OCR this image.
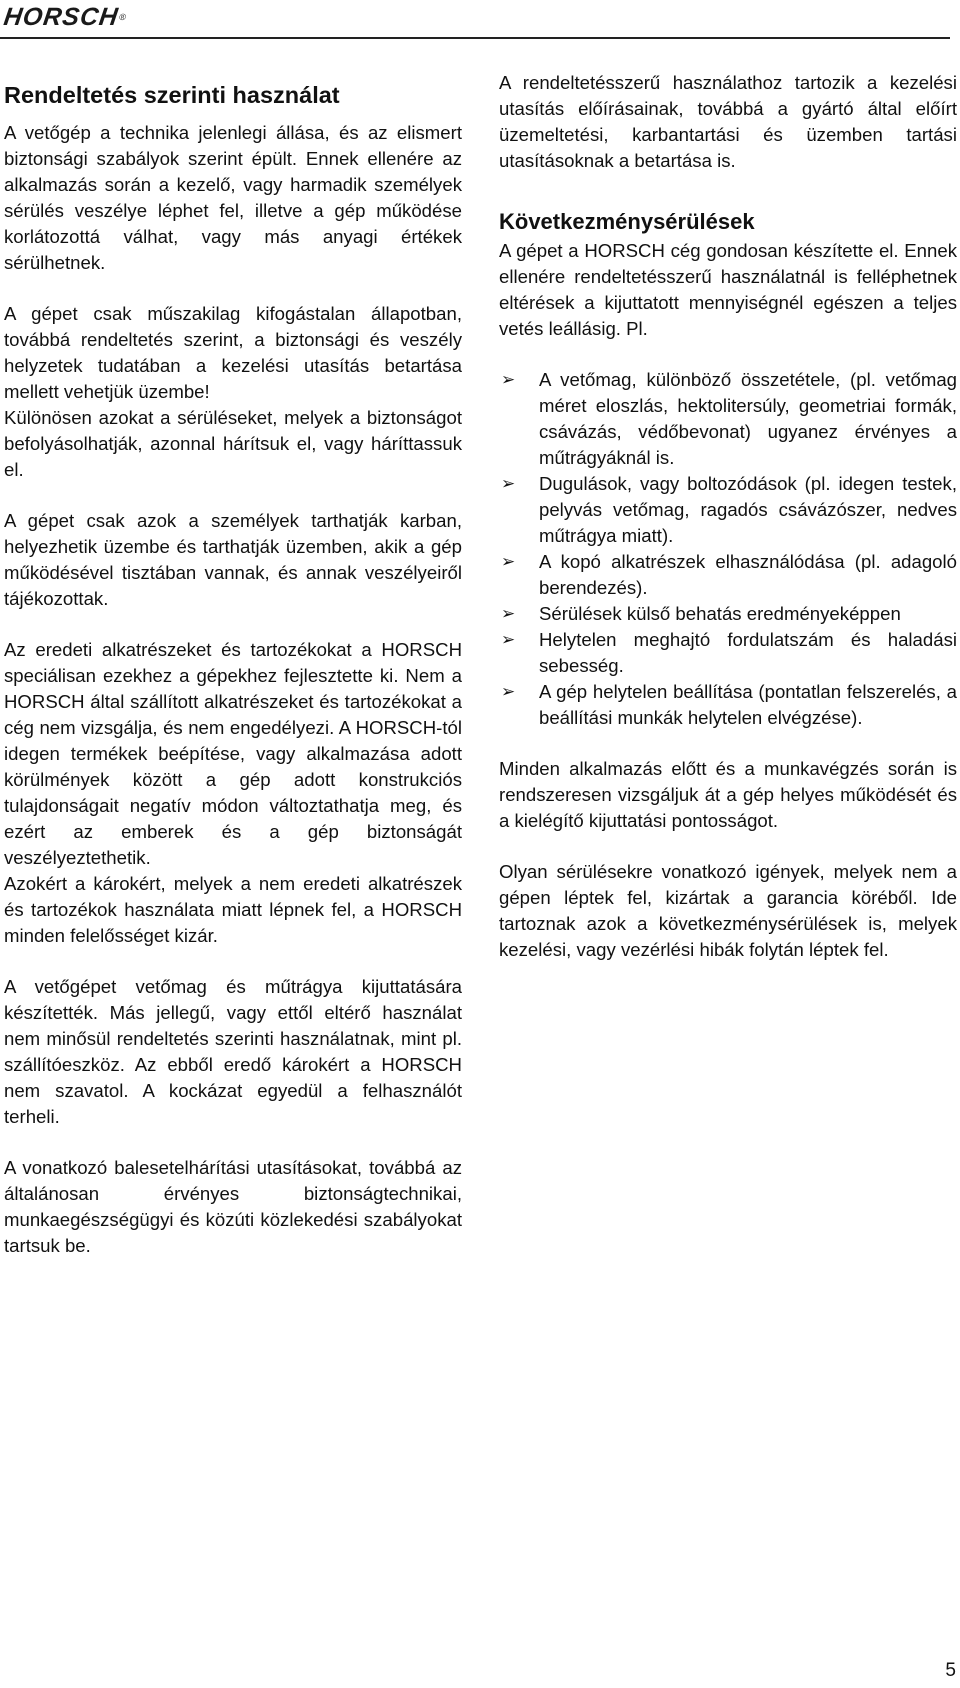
HORSCH®
Rendeltetés szerinti használat

A vetőgép a technika jelenlegi állása, és az elismert biztonsági szabályok szerint épült. Ennek ellenére az alkalmazás során a kezelő, vagy harmadik személyek sérülés veszélye léphet fel, illetve a gép működése korlátozottá válhat, vagy más anyagi értékek sérülhetnek.

A gépet csak műszakilag kifogástalan állapotban, továbbá rendeltetés szerint, a biztonsági és veszély helyzetek tudatában a kezelési utasítás betartása mellett vehetjük üzembe!

Különösen azokat a sérüléseket, melyek a biztonságot befolyásolhatják, azonnal hárítsuk el, vagy háríttassuk el.

A gépet csak azok a személyek tarthatják karban, helyezhetik üzembe és tarthatják üzemben, akik a gép működésével tisztában vannak, és annak veszélyeiről tájékozottak.

Az eredeti alkatrészeket és tartozékokat a HORSCH speciálisan ezekhez a gépekhez fejlesztette ki. Nem a HORSCH által szállított alkatrészeket és tartozékokat a cég nem vizsgálja, és nem engedélyezi. A HORSCH-tól idegen termékek beépítése, vagy alkalmazása adott körülmények között a gép adott konstrukciós tulajdonságait negatív módon változtathatja meg, és ezért az emberek és a gép biztonságát veszélyeztethetik.

Azokért a károkért, melyek a nem eredeti alkatrészek és tartozékok használata miatt lépnek fel, a HORSCH minden felelősséget kizár.

A vetőgépet vetőmag és műtrágya kijuttatására készítették. Más jellegű, vagy ettől eltérő használat nem minősül rendeltetés szerinti használatnak, mint pl. szállítóeszköz. Az ebből eredő károkért a HORSCH nem szavatol. A kockázat egyedül a felhasználót terheli.

A vonatkozó balesetelhárítási utasításokat, továbbá az általánosan érvényes biztonságtechnikai, munkaegészségügyi és közúti közlekedési szabályokat tartsuk be.

A rendeltetésszerű használathoz tartozik a kezelési utasítás előírásainak, továbbá a gyártó által előírt üzemeltetési, karbantartási és üzemben tartási utasításoknak a betartása is.

Következménysérülések

A gépet a HORSCH cég gondosan készítette el. Ennek ellenére rendeltetésszerű használatnál is felléphetnek eltérések a kijuttatott mennyiségnél egészen a teljes vetés leállásig. Pl.

➢ A vetőmag, különböző összetétele, (pl. vetőmag méret eloszlás, hektolitersúly, geometriai formák, csávázás, védőbevonat) ugyanez érvényes a műtrágyáknál is.
➢ Dugulások, vagy boltozódások (pl. idegen testek, pelyvás vetőmag, ragadós csávázószer, nedves műtrágya miatt).
➢ A kopó alkatrészek elhasználódása (pl. adagoló berendezés).
➢ Sérülések külső behatás eredményeképpen
➢ Helytelen meghajtó fordulatszám és haladási sebesség.
➢ A gép helytelen beállítása (pontatlan felszerelés, a beállítási munkák helytelen elvégzése).

Minden alkalmazás előtt és a munkavégzés során is rendszeresen vizsgáljuk át a gép helyes működését és a kielégítő kijuttatási pontosságot.

Olyan sérülésekre vonatkozó igények, melyek nem a gépen léptek fel, kizártak a garancia köréből. Ide tartoznak azok a következménysérülések is, melyek kezelési, vagy vezérlési hibák folytán léptek fel.

5
